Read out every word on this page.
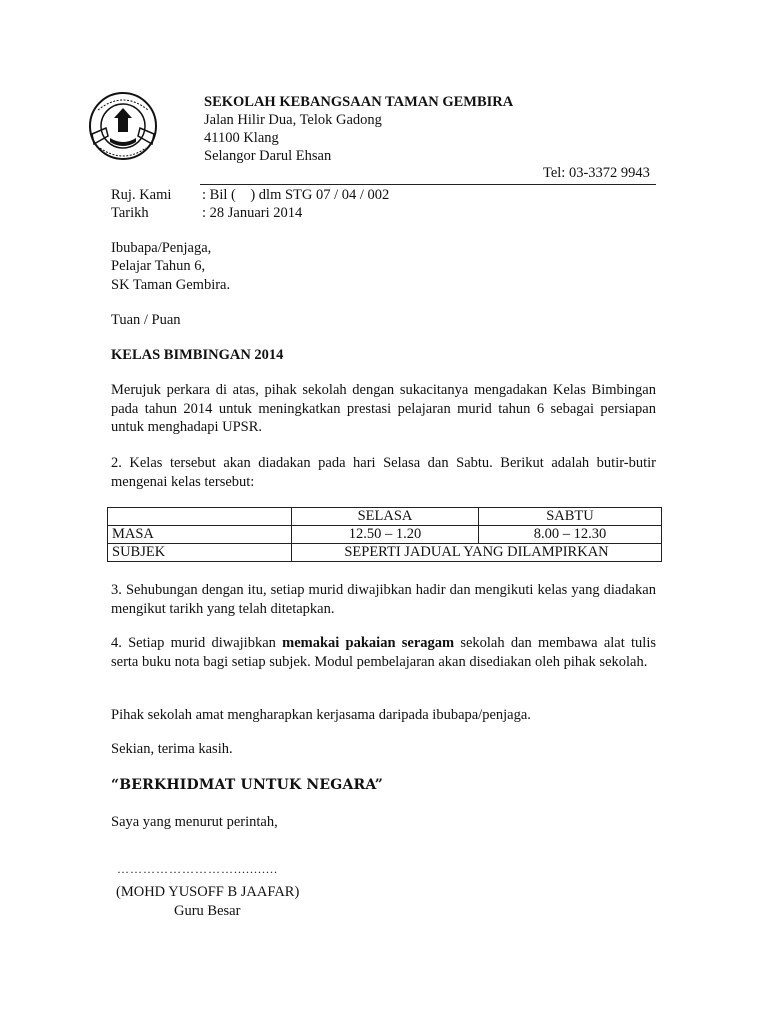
SEKOLAH KEBANGSAAN TAMAN GEMBIRA
Jalan Hilir Dua, Telok Gadong
41100 Klang
Selangor Darul Ehsan
Tel: 03-3372 9943
Ruj. Kami : Bil (    ) dlm STG 07 / 04 / 002
Tarikh	: 28 Januari 2014
Ibubapa/Penjaga,
Pelajar Tahun 6,
SK Taman Gembira.
Tuan / Puan
KELAS BIMBINGAN 2014
Merujuk perkara di atas, pihak sekolah dengan sukacitanya mengadakan Kelas Bimbingan pada tahun 2014 untuk meningkatkan prestasi pelajaran murid tahun 6 sebagai persiapan untuk menghadapi UPSR.
2. Kelas tersebut akan diadakan pada hari Selasa dan Sabtu. Berikut adalah butir-butir mengenai kelas tersebut:
	SELASA	SABTU
MASA	12.50 – 1.20	8.00 – 12.30
SUBJEK	SEPERTI JADUAL YANG DILAMPIRKAN	
3. Sehubungan dengan itu, setiap murid diwajibkan hadir dan mengikuti kelas yang diadakan mengikut tarikh yang telah ditetapkan.
4. Setiap murid diwajibkan memakai pakaian seragam sekolah dan membawa alat tulis serta buku nota bagi setiap subjek. Modul pembelajaran akan disediakan oleh pihak sekolah.
Pihak sekolah amat mengharapkan kerjasama daripada ibubapa/penjaga.
Sekian, terima kasih.
“BERKHIDMAT UNTUK NEGARA”
Saya yang menurut perintah,
………………………...........
(MOHD YUSOFF B JAAFAR)
Guru Besar
